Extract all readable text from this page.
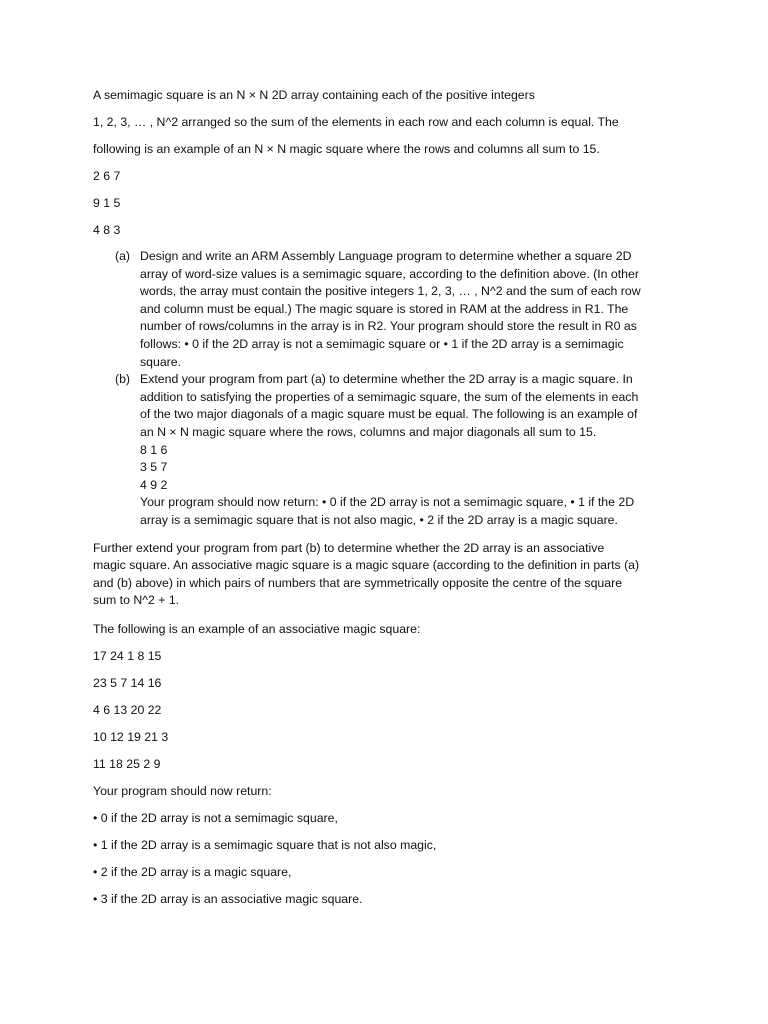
A semimagic square is an N × N 2D array containing each of the positive integers

1, 2, 3, … , N^2 arranged so the sum of the elements in each row and each column is equal. The

following is an example of an N × N magic square where the rows and columns all sum to 15.

2 6 7
9 1 5
4 8 3
(a) Design and write an ARM Assembly Language program to determine whether a square 2D
array of word-size values is a semimagic square, according to the definition above. (In other
words, the array must contain the positive integers 1, 2, 3, … , N^2 and the sum of each row
and column must be equal.) The magic square is stored in RAM at the address in R1. The
number of rows/columns in the array is in R2. Your program should store the result in R0 as
follows: • 0 if the 2D array is not a semimagic square or • 1 if the 2D array is a semimagic
square.
(b) Extend your program from part (a) to determine whether the 2D array is a magic square. In
addition to satisfying the properties of a semimagic square, the sum of the elements in each
of the two major diagonals of a magic square must be equal. The following is an example of
an N × N magic square where the rows, columns and major diagonals all sum to 15.
8 1 6
3 5 7
4 9 2
Your program should now return: • 0 if the 2D array is not a semimagic square, • 1 if the 2D
array is a semimagic square that is not also magic, • 2 if the 2D array is a magic square.
Further extend your program from part (b) to determine whether the 2D array is an associative
magic square. An associative magic square is a magic square (according to the definition in parts (a)
and (b) above) in which pairs of numbers that are symmetrically opposite the centre of the square
sum to N^2 + 1.

The following is an example of an associative magic square:

17 24 1 8 15
23 5 7 14 16
4 6 13 20 22
10 12 19 21 3
11 18 25 2 9

Your program should now return:

• 0 if the 2D array is not a semimagic square,

• 1 if the 2D array is a semimagic square that is not also magic,

• 2 if the 2D array is a magic square,

• 3 if the 2D array is an associative magic square.
